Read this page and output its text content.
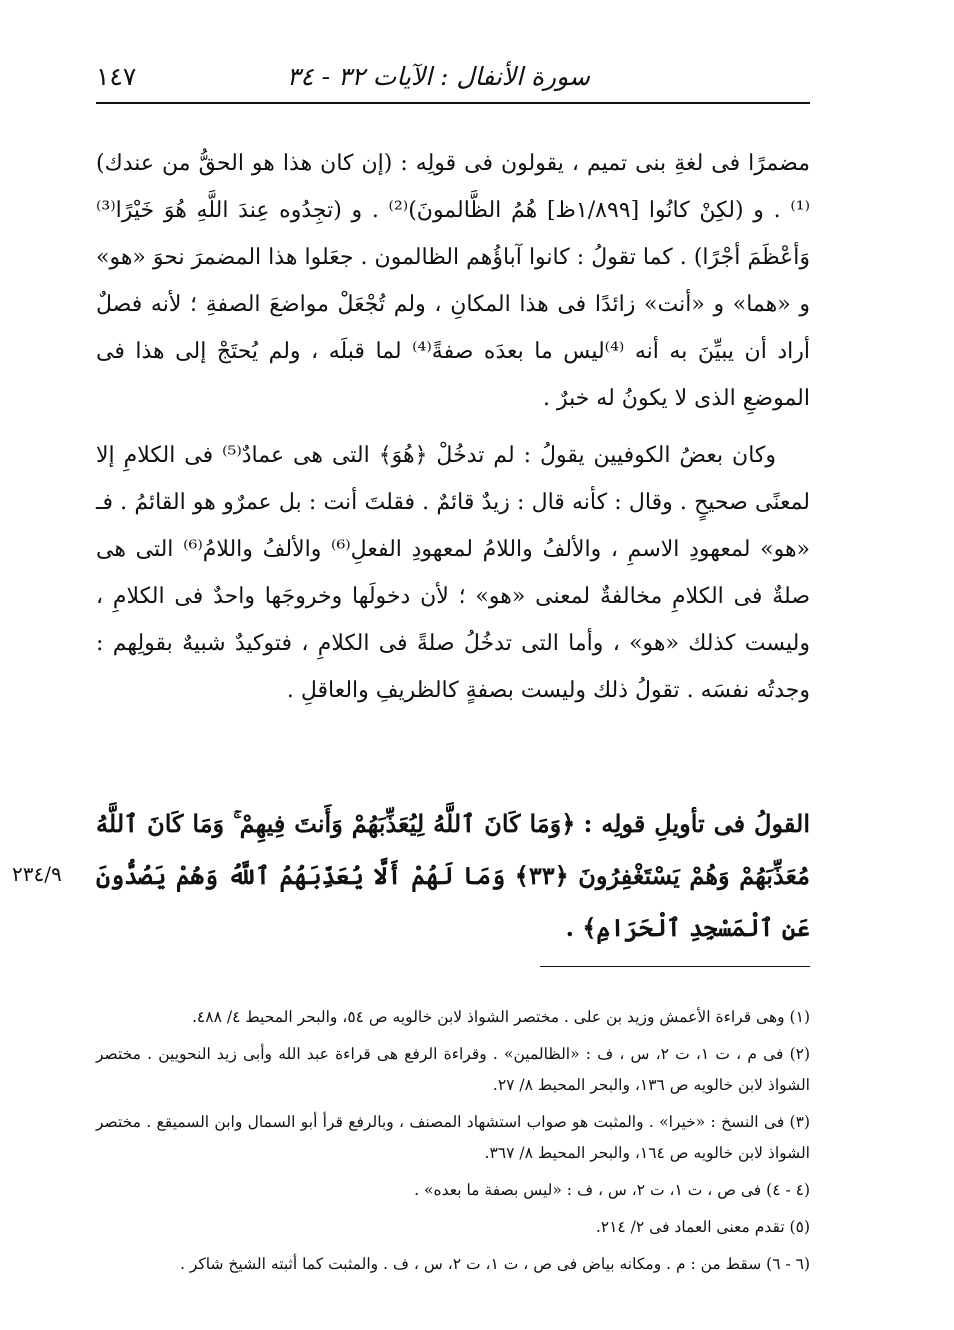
سورة الأنفال : الآيات ٣٢ - ٣٤
١٤٧

مضمرًا فى لغةِ بنى تميم ، يقولون فى قولِه : (إن كان هذا هو الحقُّ من عندك)⁽¹⁾ . و (لكِنْ كانُوا [١/٨٩٩ظ] هُمُ الظَّالمونَ)⁽²⁾ . و (تجِدُوه عِندَ اللَّهِ هُوَ خَيْرًا⁽³⁾ وَأعْظَمَ أجْرًا) . كما تقولُ : كانوا آباؤُهم الظالمون . جعَلوا هذا المضمرَ نحوَ «هو» و «هما» و «أنت» زائدًا فى هذا المكانِ ، ولم تُجْعَلْ مواضعَ الصفةِ ؛ لأنه فصلٌ أراد أن يبيِّنَ به أنه ⁽⁴⁾ليس ما بعدَه صفةً⁽⁴⁾ لما قبلَه ، ولم يُحتَجْ إلى هذا فى الموضعِ الذى لا يكونُ له خبرٌ .

وكان بعضُ الكوفيين يقولُ : لم تدخُلْ ﴿هُوَ﴾ التى هى عمادٌ⁽⁵⁾ فى الكلامِ إلا لمعنًى صحيحٍ . وقال : كأنه قال : زيدٌ قائمٌ . فقلتَ أنت : بل عمرٌو هو القائمُ . فـ «هو» لمعهودِ الاسمِ ، والألفُ واللامُ لمعهودِ الفعلِ⁽⁶⁾ والألفُ واللامُ⁽⁶⁾ التى هى صلةٌ فى الكلامِ مخالفةٌ لمعنى «هو» ؛ لأن دخولَها وخروجَها واحدٌ فى الكلامِ ، وليست كذلك «هو» ، وأما التى تدخُلُ صلةً فى الكلامِ ، فتوكيدٌ شبيهٌ بقولِهم : وجدتُه نفسَه . تقولُ ذلك وليست بصفةٍ كالظريفِ والعاقلِ .

القولُ فى تأويلِ قولِه : ﴿وَمَا كَانَ ٱللَّهُ لِيُعَذِّبَهُمْ وَأَنتَ فِيهِمْ ۚ وَمَا كَانَ ٱللَّهُ مُعَذِّبَهُمْ وَهُمْ يَسْتَغْفِرُونَ ﴿٣٣﴾ وَمَا لَهُمْ أَلَّا يُعَذِّبَهُمُ ٱللَّهُ وَهُمْ يَصُدُّونَ عَنِ ٱلْمَسْجِدِ ٱلْحَرَامِ﴾ .
٢٣٤/٩

(١) وهى قراءة الأعمش وزيد بن على . مختصر الشواذ لابن خالويه ص ٥٤، والبحر المحيط ٤/ ٤٨٨.

(٢) فى م ، ت ١، ت ٢، س ، ف : «الظالمين» . وقراءة الرفع هى قراءة عبد الله وأبى زيد النحويين . مختصر الشواذ لابن خالويه ص ١٣٦، والبحر المحيط ٨/ ٢٧.

(٣) فى النسخ : «خيرا» . والمثبت هو صواب استشهاد المصنف ، وبالرفع قرأ أبو السمال وابن السميقع . مختصر الشواذ لابن خالويه ص ١٦٤، والبحر المحيط ٨/ ٣٦٧.

(٤ - ٤) فى ص ، ت ١، ت ٢، س ، ف : «ليس بصفة ما بعده» .

(٥) تقدم معنى العماد فى ٢/ ٢١٤.

(٦ - ٦) سقط من : م . ومكانه بياض فى ص ، ت ١، ت ٢، س ، ف . والمثبت كما أثبته الشيخ شاكر .
